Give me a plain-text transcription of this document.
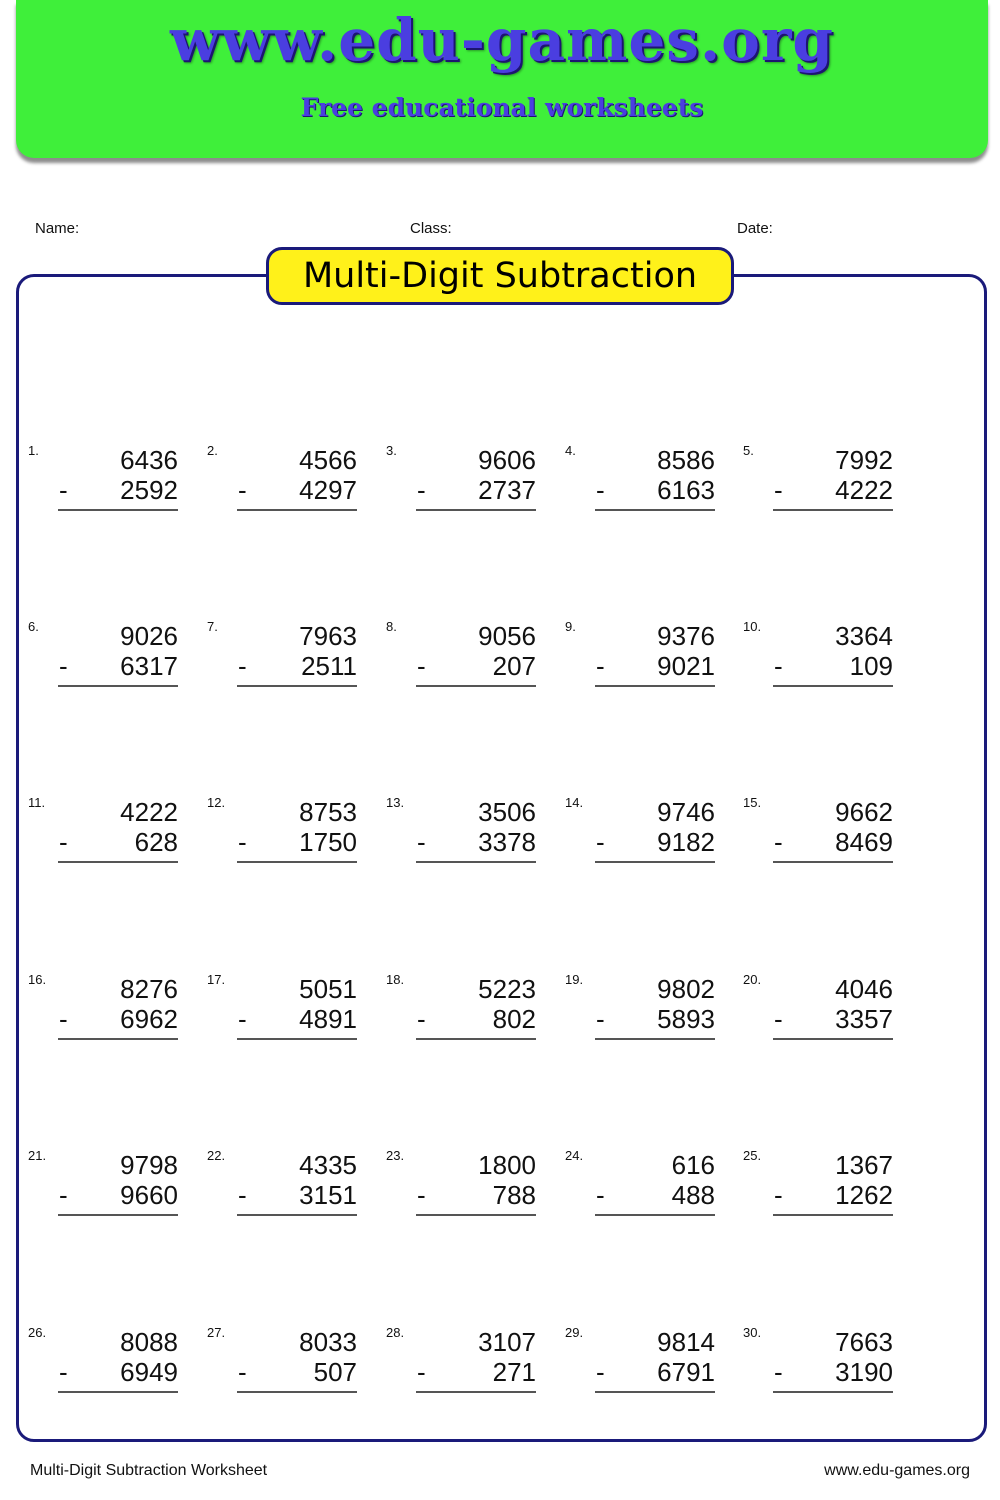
www.edu-games.org
Free educational worksheets
Name:	Class:	Date:
Multi-Digit Subtraction
1.	6436
- 2592
2.	4566
- 4297
3.	9606
- 2737
4.	8586
- 6163
5.	7992
- 4222
6.	9026
- 6317
7.	7963
- 2511
8.	9056
-	207
9.	9376
- 9021
10.	3364
-	109
11.	4222
-	628
12.	8753
- 1750
13.	3506
- 3378
14.	9746
- 9182
15.	9662
- 8469
16.	8276
- 6962
17.	5051
- 4891
18.	5223
-	802
19.	9802
- 5893
20.	4046
- 3357
21.	9798
- 9660
22.	4335
- 3151
23.	1800
-	788
24.	616
-	488
25.	1367
- 1262
26.	8088
- 6949
27.	8033
-	507
28.	3107
-	271
29.	9814
- 6791
30.	7663
- 3190
Multi-Digit Subtraction Worksheet	www.edu-games.org
